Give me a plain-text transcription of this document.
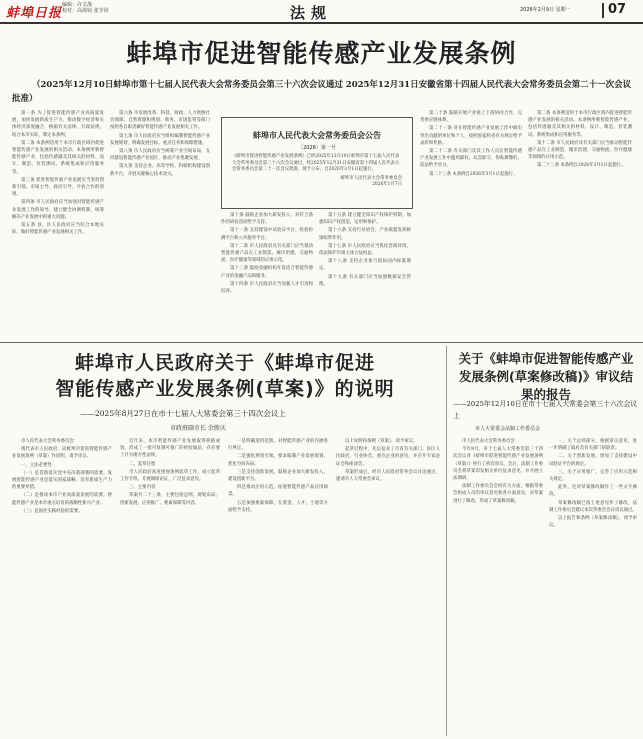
蚌埠日报
编辑：许文战
校对：高海钩 张学同	法规	2026年2月9日 星期一	07
蚌埠市促进智能传感产业发展条例
（2025年12月10日蚌埠市第十七届人民代表大会常务委员会第三十六次会议通过 2025年12月31日安徽省第十四届人民代表大会常务委员会第二十一次会议批准）

第一条 为了促进智能传感产业高质量发展，加快发展新质生产力，推动数字经济和实体经济深度融合，根据有关法律、行政法规，结合本市实际，制定本条例。

第二条 本条例适用于本市行政区域内促进智能传感产业发展的相关活动。本条例所称智能传感产业，包括传感器及其相关的材料、设计、制造、封装测试、系统集成和应用服务等。

第三条 促进智能传感产业发展应当坚持创新引领、市场主导、政府引导、开放合作的原则。

第四条 市人民政府应当加强对智能传感产业发展工作的领导，建立健全协调机制，统筹解决产业发展中的重大问题。

第五条 县、区人民政府应当结合本地实际，做好智能传感产业发展相关工作。

第六条 市发展改革、科技、财政、人力资源社会保障、自然资源和规划、商务、市场监管等部门按照各自职责做好智能传感产业发展相关工作。

第七条 市人民政府应当组织编制智能传感产业发展规划，明确发展目标、重点任务和保障措施。

第八条 市人民政府应当统筹产业空间布局，支持建设智能传感产业园区，推动产业集聚发展。

第九条 支持企业、高等学校、科研机构建设创新平台，开展关键核心技术攻关。

蚌埠市人民代表大会常务委员会公告
〔2026〕第一号
《蚌埠市促进智能传感产业发展条例》已经2025年12月10日蚌埠市第十七届人民代表大会常务委员会第三十六次会议通过，经2025年12月31日安徽省第十四届人民代表大会常务委员会第二十一次会议批准，现予公布，自2026年3月1日起施行。
蚌埠市人民代表大会常务委员会
2026年1月7日

第十条 鼓励企业加大研发投入，对符合条件的研发活动给予支持。

第十一条 支持建设中试验证平台、检验检测平台和公共服务平台。

第十二条 市人民政府及有关部门应当推动智能传感产品在工业制造、城市治理、交通物流、医疗健康等领域的应用示范。

第十三条 鼓励金融机构开发适合智能传感产业的金融产品和服务。

第十四条 市人民政府应当加强人才引进和培养。

第十五条 建立健全知识产权保护机制，加强知识产权创造、运用和保护。

第十六条 支持行业协会、产业联盟发挥桥梁纽带作用。

第十七条 市人民政府应当优化营商环境，依法保护市场主体合法权益。

第十八条 支持企业参与国际国内标准制定。

第十九条 有关部门应当加强数据安全管理。

第二十条 鼓励开展产业链上下游协同合作，完善供应链体系。

第二十一条 对在智能传感产业发展工作中做出突出贡献的单位和个人，按照国家和省有关规定给予表彰和奖励。

第二十二条 有关部门及其工作人员在智能传感产业发展工作中滥用职权、玩忽职守、徇私舞弊的，依法给予处分。

第二十三条 本条例自2026年3月1日起施行。

第二条 本条例适用于本市行政区域内促进智能传感产业发展的相关活动。本条例所称智能传感产业，包括传感器及其相关的材料、设计、制造、封装测试、系统集成和应用服务等。

第十二条 市人民政府及有关部门应当推动智能传感产品在工业制造、城市治理、交通物流、医疗健康等领域的应用示范。

第二十三条 本条例自2026年3月1日起施行。

蚌埠市人民政府关于《蚌埠市促进
智能传感产业发展条例(草案)》的说明
——2025年8月27日在市十七届人大常委会第三十四次会议上
市政府副市长 余胜庆

市人民代表大会常务委员会：

现代表市人民政府，向蚌埠市促进智能传感产业发展条例（草案）作说明，请予审议。

一、立法必要性

（一）是贯彻落实党中央决策部署的需要。发展智能传感产业是落实国家战略、培育新质生产力的重要举措。

（二）是推动本市产业高质量发展的需要。智能传感产业是本市重点培育的战略性新兴产业。

（三）是固化实践经验的需要。

近年来，本市智能传感产业发展取得积极成效，形成了一批可复制可推广的经验做法，有必要上升为地方性法规。

二、起草过程

市人民政府高度重视条例起草工作，成立起草工作专班，开展调研论证，广泛征求意见。

三、主要内容

草案共二十三条，主要包括总则、规划布局、创新发展、应用推广、要素保障等内容。

一是明确适用范围。对智能传感产业的内涵进行界定。

二是强化规划引领。要求编制产业发展规划，优化空间布局。

三是支持创新发展。鼓励企业加大研发投入，建设创新平台。

四是推动应用示范。拓展智能传感产品应用场景。

五是加强要素保障。在资金、人才、土地等方面给予支持。

以上说明和条例（草案），请予审议。

起草过程中，先后征求了市直有关部门、县区人民政府、行业协会、重点企业的意见，并召开专家论证会和座谈会。

草案形成后，经市人民政府常务会议讨论通过，提请市人大常委会审议。

关于《蚌埠市促进智能传感产业发展条例(草案修改稿)》审议结果的报告
——2025年12月10日在市十七届人大常委会第三十六次会议上
市人大常委会法制工作委员会

市人民代表大会常务委员会：

今年8月，市十七届人大常委会第三十四次会议对《蚌埠市促进智能传感产业发展条例（草案）》进行了初次审议。会后，法制工作委员会将草案印发相关单位征求意见，并开展立法调研。

法制工作委员会会同有关方面，根据常委会组成人员的审议意见和各方面意见，对草案进行了修改，形成了草案修改稿。

一、关于总则部分。根据审议意见，进一步明确了政府及有关部门的职责。

二、关于创新发展。增加了支持建设中试验证平台的规定。

三、关于应用推广。完善了应用示范相关规定。

此外，还对草案修改稿作了一些文字修改。

草案修改稿已按上述意见作了修改，法制工作委员会建议本次常委会会议审议通过。

以上报告和条例（草案修改稿），请予审议。
